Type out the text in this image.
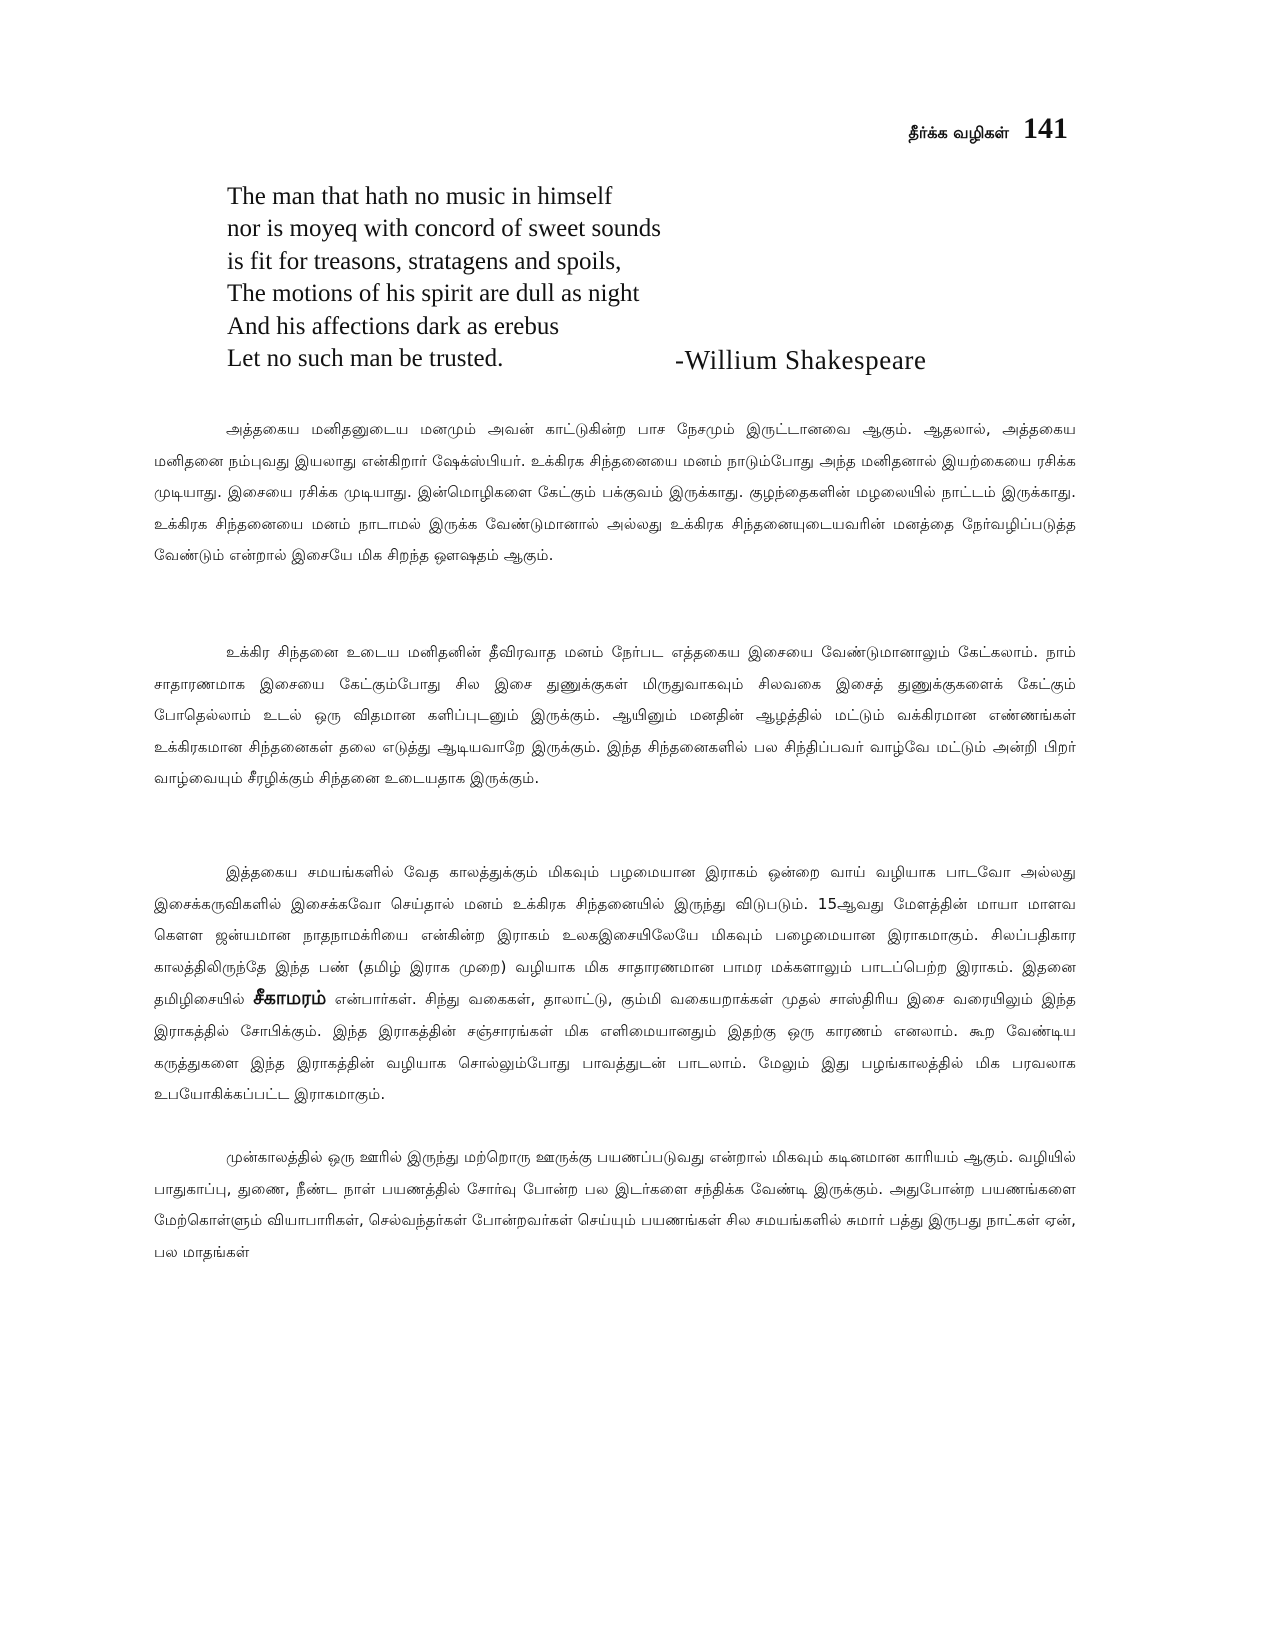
தீர்க்க வழிகள் 141
The man that hath no music in himself
nor is moyeq with concord of sweet sounds
is fit for treasons, stratagens and spoils,
The motions of his spirit are dull as night
And his affections dark as erebus
Let no such man be trusted.	-Willium Shakespeare
அத்தகைய மனிதனுடைய மனமும் அவன் காட்டுகின்ற பாச நேசமும் இருட்டானவை ஆகும். ஆதலால், அத்தகைய மனிதனை நம்புவது இயலாது என்கிறார் ஷேக்ஸ்பியர். உக்கிரக சிந்தனையை மனம் நாடும்போது அந்த மனிதனால் இயற்கையை ரசிக்க முடியாது. இசையை ரசிக்க முடியாது. இன்மொழிகளை கேட்கும் பக்குவம் இருக்காது. குழந்தைகளின் மழலையில் நாட்டம் இருக்காது. உக்கிரக சிந்தனையை மனம் நாடாமல் இருக்க வேண்டுமானால் அல்லது உக்கிரக சிந்தனையுடையவரின் மனத்தை நேர்வழிப்படுத்த வேண்டும் என்றால் இசையே மிக சிறந்த ஔஷதம் ஆகும்.
உக்கிர சிந்தனை உடைய மனிதனின் தீவிரவாத மனம் நேர்பட எத்தகைய இசையை வேண்டுமானாலும் கேட்கலாம். நாம் சாதாரணமாக இசையை கேட்கும்போது சில இசை துணுக்குகள் மிருதுவாகவும் சிலவகை இசைத் துணுக்குகளைக் கேட்கும் போதெல்லாம் உடல் ஒரு விதமான களிப்புடனும் இருக்கும். ஆயினும் மனதின் ஆழத்தில் மட்டும் வக்கிரமான எண்ணங்கள் உக்கிரகமான சிந்தனைகள் தலை எடுத்து ஆடியவாறே இருக்கும். இந்த சிந்தனைகளில் பல சிந்திப்பவர் வாழ்வே மட்டும் அன்றி பிறர் வாழ்வையும் சீரழிக்கும் சிந்தனை உடையதாக இருக்கும்.
இத்தகைய சமயங்களில் வேத காலத்துக்கும் மிகவும் பழமையான இராகம் ஒன்றை வாய் வழியாக பாடவோ அல்லது இசைக்கருவிகளில் இசைக்கவோ செய்தால் மனம் உக்கிரக சிந்தனையில் இருந்து விடுபடும். 15ஆவது மேளத்தின் மாயா மாளவ கௌள ஜன்யமான நாதநாமக்ரியை என்கின்ற இராகம் உலகஇசையிலேயே மிகவும் பழைமையான இராகமாகும். சிலப்பதிகார காலத்திலிருந்தே இந்த பண் (தமிழ் இராக முறை) வழியாக மிக சாதாரணமான பாமர மக்களாலும் பாடப்பெற்ற இராகம். இதனை தமிழிசையில் சீகாமரம் என்பார்கள். சிந்து வகைகள், தாலாட்டு, கும்மி வகையறாக்கள் முதல் சாஸ்திரிய இசை வரையிலும் இந்த இராகத்தில் சோபிக்கும். இந்த இராகத்தின் சஞ்சாரங்கள் மிக எளிமையானதும் இதற்கு ஒரு காரணம் எனலாம். கூற வேண்டிய கருத்துகளை இந்த இராகத்தின் வழியாக சொல்லும்போது பாவத்துடன் பாடலாம். மேலும் இது பழங்காலத்தில் மிக பரவலாக உபயோகிக்கப்பட்ட இராகமாகும்.
முன்காலத்தில் ஒரு ஊரில் இருந்து மற்றொரு ஊருக்கு பயணப்படுவது என்றால் மிகவும் கடினமான காரியம் ஆகும். வழியில் பாதுகாப்பு, துணை, நீண்ட நாள் பயணத்தில் சோர்வு போன்ற பல இடர்களை சந்திக்க வேண்டி இருக்கும். அதுபோன்ற பயணங்களை மேற்கொள்ளும் வியாபாரிகள், செல்வந்தர்கள் போன்றவர்கள் செய்யும் பயணங்கள் சில சமயங்களில் சுமார் பத்து இருபது நாட்கள் ஏன், பல மாதங்கள்
